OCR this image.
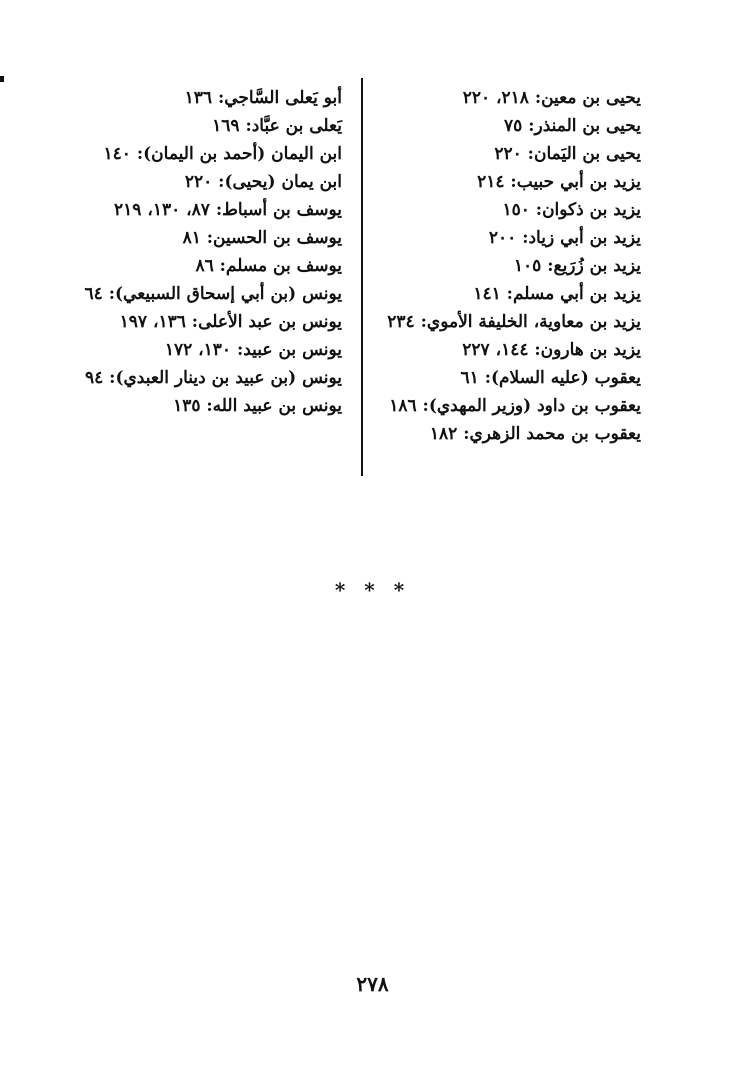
يحيى بن معين: ٢١٨، ٢٢٠
يحيى بن المنذر: ٧٥
يحيى بن اليَمان: ٢٢٠
يزيد بن أبي حبيب: ٢١٤
يزيد بن ذكوان: ١٥٠
يزيد بن أبي زياد: ٢٠٠
يزيد بن زُرَيع: ١٠٥
يزيد بن أبي مسلم: ١٤١
يزيد بن معاوية، الخليفة الأموي: ٢٣٤
يزيد بن هارون: ١٤٤، ٢٢٧
يعقوب (عليه السلام): ٦١
يعقوب بن داود (وزير المهدي): ١٨٦
يعقوب بن محمد الزهري: ١٨٢
أبو يَعلى السَّاجي: ١٣٦
يَعلى بن عبَّاد: ١٦٩
ابن اليمان (أحمد بن اليمان): ١٤٠
ابن يمان (يحيى): ٢٢٠
يوسف بن أسباط: ٨٧، ١٣٠، ٢١٩
يوسف بن الحسين: ٨١
يوسف بن مسلم: ٨٦
يونس (بن أبي إسحاق السبيعي): ٦٤
يونس بن عبد الأعلى: ١٣٦، ١٩٧
يونس بن عبيد: ١٣٠، ١٧٢
يونس (بن عبيد بن دينار العبدي): ٩٤
يونس بن عبيد الله: ١٣٥
* * *
٢٧٨
